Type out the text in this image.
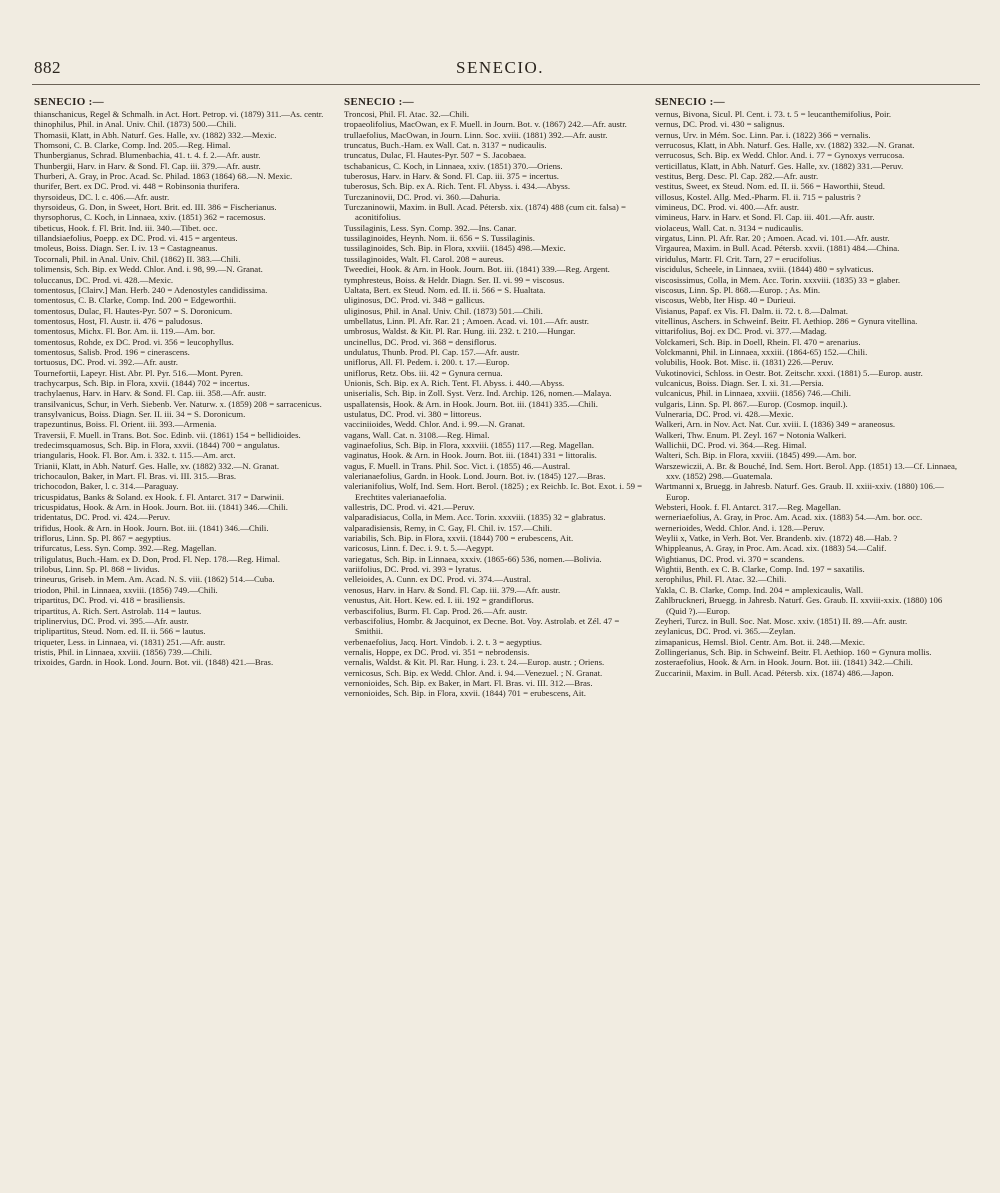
882	SENECIO.
SENECIO :—
thianschanicus, Regel & Schmalh. in Act. Hort. Petrop. vi. (1879) 311.—As. centr.
thinophilus, Phil. in Anal. Univ. Chil. (1873) 500.—Chili.
Thomasii, Klatt, in Abh. Naturf. Ges. Halle, xv. (1882) 332.—Mexic.
Thomsoni, C. B. Clarke, Comp. Ind. 205.—Reg. Himal.
Thunbergianus, Schrad. Blumenbachia, 41. t. 4. f. 2.—Afr. austr.
Thunbergii, Harv. in Harv. & Sond. Fl. Cap. iii. 379.—Afr. austr.
Thurberi, A. Gray, in Proc. Acad. Sc. Philad. 1863 (1864) 68.—N. Mexic.
thurifer, Bert. ex DC. Prod. vi. 448 = Robinsonia thurifera.
thyrsoideus, DC. l. c. 406.—Afr. austr.
thyrsoideus, G. Don, in Sweet, Hort. Brit. ed. III. 386 = Fischerianus.
thyrsophorus, C. Koch, in Linnaea, xxiv. (1851) 362 = racemosus.
tibeticus, Hook. f. Fl. Brit. Ind. iii. 340.—Tibet. occ.
tillandsiaefolius, Poepp. ex DC. Prod. vi. 415 = argenteus.
tmoleus, Boiss. Diagn. Ser. I. iv. 13 = Castagneanus.
Tocornali, Phil. in Anal. Univ. Chil. (1862) II. 383.—Chili.
tolimensis, Sch. Bip. ex Wedd. Chlor. And. i. 98, 99.—N. Granat.
toluccanus, DC. Prod. vi. 428.—Mexic.
tomentosus, [Clairv.] Man. Herb. 240 = Adenostyles candidissima.
tomentosus, C. B. Clarke, Comp. Ind. 200 = Edgeworthii.
tomentosus, Dulac, Fl. Hautes-Pyr. 507 = S. Doronicum.
tomentosus, Host, Fl. Austr. ii. 476 = paludosus.
tomentosus, Michx. Fl. Bor. Am. ii. 119.—Am. bor.
tomentosus, Rohde, ex DC. Prod. vi. 356 = leucophyllus.
tomentosus, Salisb. Prod. 196 = cinerascens.
tortuosus, DC. Prod. vi. 392.—Afr. austr.
Tournefortii, Lapeyr. Hist. Abr. Pl. Pyr. 516.—Mont. Pyren.
trachycarpus, Sch. Bip. in Flora, xxvii. (1844) 702 = incertus.
trachylaenus, Harv. in Harv. & Sond. Fl. Cap. iii. 358.—Afr. austr.
transilvanicus, Schur, in Verh. Siebenb. Ver. Naturw. x. (1859) 208 = sarracenicus.
transylvanicus, Boiss. Diagn. Ser. II. iii. 34 = S. Doronicum.
trapezuntinus, Boiss. Fl. Orient. iii. 393.—Armenia.
Traversii, F. Muell. in Trans. Bot. Soc. Edinb. vii. (1861) 154 = bellidioides.
tredecimsquamosus, Sch. Bip. in Flora, xxvii. (1844) 700 = angulatus.
triangularis, Hook. Fl. Bor. Am. i. 332. t. 115.—Am. arct.
Trianii, Klatt, in Abh. Naturf. Ges. Halle, xv. (1882) 332.—N. Granat.
trichocaulon, Baker, in Mart. Fl. Bras. vi. III. 315.—Bras.
trichocodon, Baker, l. c. 314.—Paraguay.
tricuspidatus, Banks & Soland. ex Hook. f. Fl. Antarct. 317 = Darwinii.
tricuspidatus, Hook. & Arn. in Hook. Journ. Bot. iii. (1841) 346.—Chili.
tridentatus, DC. Prod. vi. 424.—Peruv.
trifidus, Hook. & Arn. in Hook. Journ. Bot. iii. (1841) 346.—Chili.
triflorus, Linn. Sp. Pl. 867 = aegyptius.
trifurcatus, Less. Syn. Comp. 392.—Reg. Magellan.
triligulatus, Buch.-Ham. ex D. Don, Prod. Fl. Nep. 178.—Reg. Himal.
trilobus, Linn. Sp. Pl. 868 = lividus.
trineurus, Griseb. in Mem. Am. Acad. N. S. viii. (1862) 514.—Cuba.
triodon, Phil. in Linnaea, xxviii. (1856) 749.—Chili.
tripartitus, DC. Prod. vi. 418 = brasiliensis.
tripartitus, A. Rich. Sert. Astrolab. 114 = lautus.
triplinervius, DC. Prod. vi. 395.—Afr. austr.
triplipartitus, Steud. Nom. ed. II. ii. 566 = lautus.
triqueter, Less. in Linnaea, vi. (1831) 251.—Afr. austr.
tristis, Phil. in Linnaea, xxviii. (1856) 739.—Chili.
trixoides, Gardn. in Hook. Lond. Journ. Bot. vii. (1848) 421.—Bras.
SENECIO :—
Troncosi, Phil. Fl. Atac. 32.—Chili.
tropaeolifolius, MacOwan, ex F. Muell. in Journ. Bot. v. (1867) 242.—Afr. austr.
trullaefolius, MacOwan, in Journ. Linn. Soc. xviii. (1881) 392.—Afr. austr.
truncatus, Buch.-Ham. ex Wall. Cat. n. 3137 = nudicaulis.
truncatus, Dulac, Fl. Hautes-Pyr. 507 = S. Jacobaea.
tschabanicus, C. Koch, in Linnaea, xxiv. (1851) 370.—Oriens.
tuberosus, Harv. in Harv. & Sond. Fl. Cap. iii. 375 = incertus.
tuberosus, Sch. Bip. ex A. Rich. Tent. Fl. Abyss. i. 434.—Abyss.
Turczaninovii, DC. Prod. vi. 360.—Dahuria.
Turczaninowii, Maxim. in Bull. Acad. Pétersb. xix. (1874) 488 (cum cit. falsa) = aconitifolius.
Tussilaginis, Less. Syn. Comp. 392.—Ins. Canar.
tussilaginoides, Heynh. Nom. ii. 656 = S. Tussilaginis.
tussilaginoides, Sch. Bip. in Flora, xxviii. (1845) 498.—Mexic.
tussilaginoides, Walt. Fl. Carol. 208 = aureus.
Tweediei, Hook. & Arn. in Hook. Journ. Bot. iii. (1841) 339.—Reg. Argent.
tymphresteus, Boiss. & Heldr. Diagn. Ser. II. vi. 99 = viscosus.
Ualtata, Bert. ex Steud. Nom. ed. II. ii. 566 = S. Hualtata.
uliginosus, DC. Prod. vi. 348 = gallicus.
uliginosus, Phil. in Anal. Univ. Chil. (1873) 501.—Chili.
umbellatus, Linn. Pl. Afr. Rar. 21 ; Amoen. Acad. vi. 101.—Afr. austr.
umbrosus, Waldst. & Kit. Pl. Rar. Hung. iii. 232. t. 210.—Hungar.
uncinellus, DC. Prod. vi. 368 = densiflorus.
undulatus, Thunb. Prod. Pl. Cap. 157.—Afr. austr.
uniflorus, All. Fl. Pedem. i. 200. t. 17.—Europ.
uniflorus, Retz. Obs. iii. 42 = Gynura cernua.
Unionis, Sch. Bip. ex A. Rich. Tent. Fl. Abyss. i. 440.—Abyss.
uniserialis, Sch. Bip. in Zoll. Syst. Verz. Ind. Archip. 126, nomen.—Malaya.
uspallatensis, Hook. & Arn. in Hook. Journ. Bot. iii. (1841) 335.—Chili.
ustulatus, DC. Prod. vi. 380 = littoreus.
vacciniioides, Wedd. Chlor. And. i. 99.—N. Granat.
vagans, Wall. Cat. n. 3108.—Reg. Himal.
vaginaefolius, Sch. Bip. in Flora, xxxviii. (1855) 117.—Reg. Magellan.
vaginatus, Hook. & Arn. in Hook. Journ. Bot. iii. (1841) 331 = littoralis.
vagus, F. Muell. in Trans. Phil. Soc. Vict. i. (1855) 46.—Austral.
valerianaefolius, Gardn. in Hook. Lond. Journ. Bot. iv. (1845) 127.—Bras.
valerianifolius, Wolf, Ind. Sem. Hort. Berol. (1825) ; ex Reichb. Ic. Bot. Exot. i. 59 = Erechtites valerianaefolia.
vallestris, DC. Prod. vi. 421.—Peruv.
valparadisiacus, Colla, in Mem. Acc. Torin. xxxviii. (1835) 32 = glabratus.
valparadisiensis, Remy, in C. Gay, Fl. Chil. iv. 157.—Chili.
variabilis, Sch. Bip. in Flora, xxvii. (1844) 700 = erubescens, Ait.
varicosus, Linn. f. Dec. i. 9. t. 5.—Aegypt.
variegatus, Sch. Bip. in Linnaea, xxxiv. (1865-66) 536, nomen.—Bolivia.
variifolius, DC. Prod. vi. 393 = lyratus.
velleioides, A. Cunn. ex DC. Prod. vi. 374.—Austral.
venosus, Harv. in Harv. & Sond. Fl. Cap. iii. 379.—Afr. austr.
venustus, Ait. Hort. Kew. ed. I. iii. 192 = grandiflorus.
verbascifolius, Burm. Fl. Cap. Prod. 26.—Afr. austr.
verbascifolius, Hombr. & Jacquinot, ex Decne. Bot. Voy. Astrolab. et Zél. 47 = Smithii.
verbenaefolius, Jacq. Hort. Vindob. i. 2. t. 3 = aegyptius.
vernalis, Hoppe, ex DC. Prod. vi. 351 = nebrodensis.
vernalis, Waldst. & Kit. Pl. Rar. Hung. i. 23. t. 24.—Europ. austr. ; Oriens.
vernicosus, Sch. Bip. ex Wedd. Chlor. And. i. 94.—Venezuel. ; N. Granat.
vernonioides, Sch. Bip. ex Baker, in Mart. Fl. Bras. vi. III. 312.—Bras.
vernonioides, Sch. Bip. in Flora, xxvii. (1844) 701 = erubescens, Ait.
SENECIO :—
vernus, Bivona, Sicul. Pl. Cent. i. 73. t. 5 = leucanthemifolius, Poir.
vernus, DC. Prod. vi. 430 = salignus.
vernus, Urv. in Mém. Soc. Linn. Par. i. (1822) 366 = vernalis.
verrucosus, Klatt, in Abh. Naturf. Ges. Halle, xv. (1882) 332.—N. Granat.
verrucosus, Sch. Bip. ex Wedd. Chlor. And. i. 77 = Gynoxys verrucosa.
verticillatus, Klatt, in Abh. Naturf. Ges. Halle, xv. (1882) 331.—Peruv.
vestitus, Berg. Desc. Pl. Cap. 282.—Afr. austr.
vestitus, Sweet, ex Steud. Nom. ed. II. ii. 566 = Haworthii, Steud.
villosus, Kostel. Allg. Med.-Pharm. Fl. ii. 715 = palustris ?
vimineus, DC. Prod. vi. 400.—Afr. austr.
vimineus, Harv. in Harv. et Sond. Fl. Cap. iii. 401.—Afr. austr.
violaceus, Wall. Cat. n. 3134 = nudicaulis.
virgatus, Linn. Pl. Afr. Rar. 20 ; Amoen. Acad. vi. 101.—Afr. austr.
Virgaurea, Maxim. in Bull. Acad. Pétersb. xxvii. (1881) 484.—China.
viridulus, Martr. Fl. Crit. Tarn, 27 = erucifolius.
viscidulus, Scheele, in Linnaea, xviii. (1844) 480 = sylvaticus.
viscosissimus, Colla, in Mem. Acc. Torin. xxxviii. (1835) 33 = glaber.
viscosus, Linn. Sp. Pl. 868.—Europ. ; As. Min.
viscosus, Webb, Iter Hisp. 40 = Durieui.
Visianus, Papaf. ex Vis. Fl. Dalm. ii. 72. t. 8.—Dalmat.
vitellinus, Aschers. in Schweinf. Beitr. Fl. Aethiop. 286 = Gynura vitellina.
vittarifolius, Boj. ex DC. Prod. vi. 377.—Madag.
Volckameri, Sch. Bip. in Doell, Rhein. Fl. 470 = arenarius.
Volckmanni, Phil. in Linnaea, xxxiii. (1864-65) 152.—Chili.
volubilis, Hook. Bot. Misc. ii. (1831) 226.—Peruv.
Vukotinovici, Schloss. in Oestr. Bot. Zeitschr. xxxi. (1881) 5.—Europ. austr.
vulcanicus, Boiss. Diagn. Ser. I. xi. 31.—Persia.
vulcanicus, Phil. in Linnaea, xxviii. (1856) 746.—Chili.
vulgaris, Linn. Sp. Pl. 867.—Europ. (Cosmop. inquil.).
Vulneraria, DC. Prod. vi. 428.—Mexic.
Walkeri, Arn. in Nov. Act. Nat. Cur. xviii. I. (1836) 349 = araneosus.
Walkeri, Thw. Enum. Pl. Zeyl. 167 = Notonia Walkeri.
Wallichii, DC. Prod. vi. 364.—Reg. Himal.
Walteri, Sch. Bip. in Flora, xxviii. (1845) 499.—Am. bor.
Warszewiczii, A. Br. & Bouché, Ind. Sem. Hort. Berol. App. (1851) 13.—Cf. Linnaea, xxv. (1852) 298.—Guatemala.
Wartmanni x, Bruegg. in Jahresb. Naturf. Ges. Graub. II. xxiii-xxiv. (1880) 106.—Europ.
Websteri, Hook. f. Fl. Antarct. 317.—Reg. Magellan.
werneriaefolius, A. Gray, in Proc. Am. Acad. xix. (1883) 54.—Am. bor. occ.
wernerioides, Wedd. Chlor. And. i. 128.—Peruv.
Weylii x, Vatke, in Verh. Bot. Ver. Brandenb. xiv. (1872) 48.—Hab. ?
Whippleanus, A. Gray, in Proc. Am. Acad. xix. (1883) 54.—Calif.
Wightianus, DC. Prod. vi. 370 = scandens.
Wightii, Benth. ex C. B. Clarke, Comp. Ind. 197 = saxatilis.
xerophilus, Phil. Fl. Atac. 32.—Chili.
Yakla, C. B. Clarke, Comp. Ind. 204 = amplexicaulis, Wall.
Zahlbruckneri, Bruegg. in Jahresb. Naturf. Ges. Graub. II. xxviii-xxix. (1880) 106 (Quid ?).—Europ.
Zeyheri, Turcz. in Bull. Soc. Nat. Mosc. xxiv. (1851) II. 89.—Afr. austr.
zeylanicus, DC. Prod. vi. 365.—Zeylan.
zimapanicus, Hemsl. Biol. Centr. Am. Bot. ii. 248.—Mexic.
Zollingerianus, Sch. Bip. in Schweinf. Beitr. Fl. Aethiop. 160 = Gynura mollis.
zosteraefolius, Hook. & Arn. in Hook. Journ. Bot. iii. (1841) 342.—Chili.
Zuccarinii, Maxim. in Bull. Acad. Pétersb. xix. (1874) 486.—Japon.
